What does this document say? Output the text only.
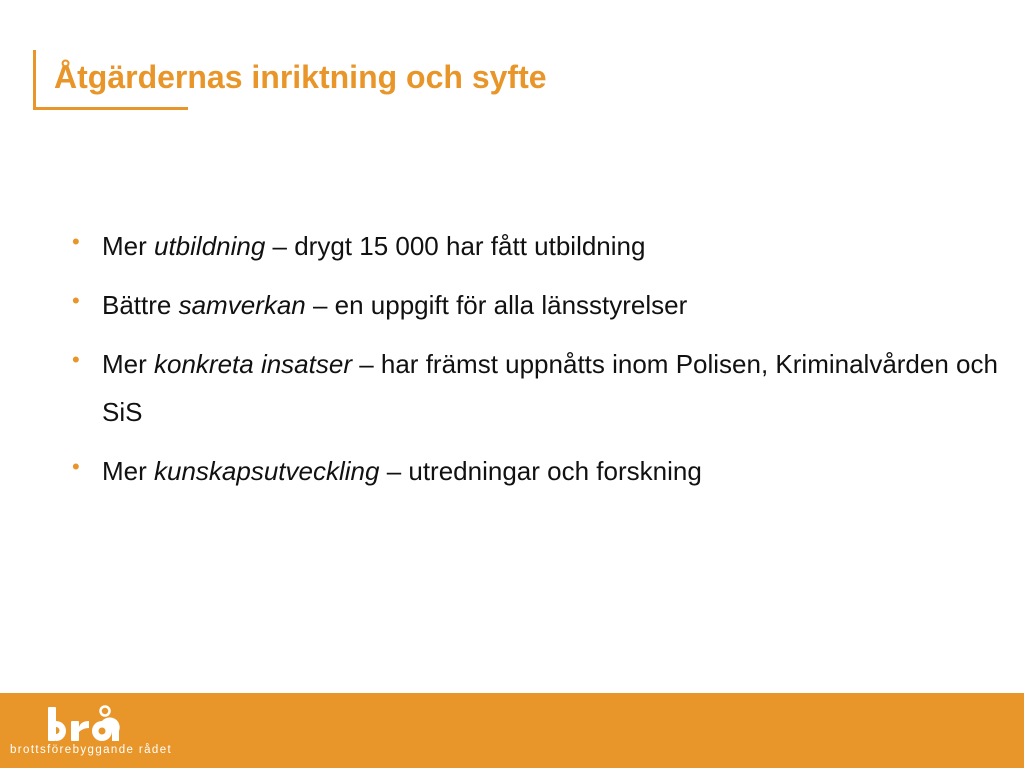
Åtgärdernas inriktning och syfte
• Mer utbildning – drygt 15 000 har fått utbildning
• Bättre samverkan – en uppgift för alla länsstyrelser
• Mer konkreta insatser – har främst uppnåtts inom Polisen, Kriminalvården och SiS
• Mer kunskapsutveckling – utredningar och forskning
brottsförebyggande rådet
